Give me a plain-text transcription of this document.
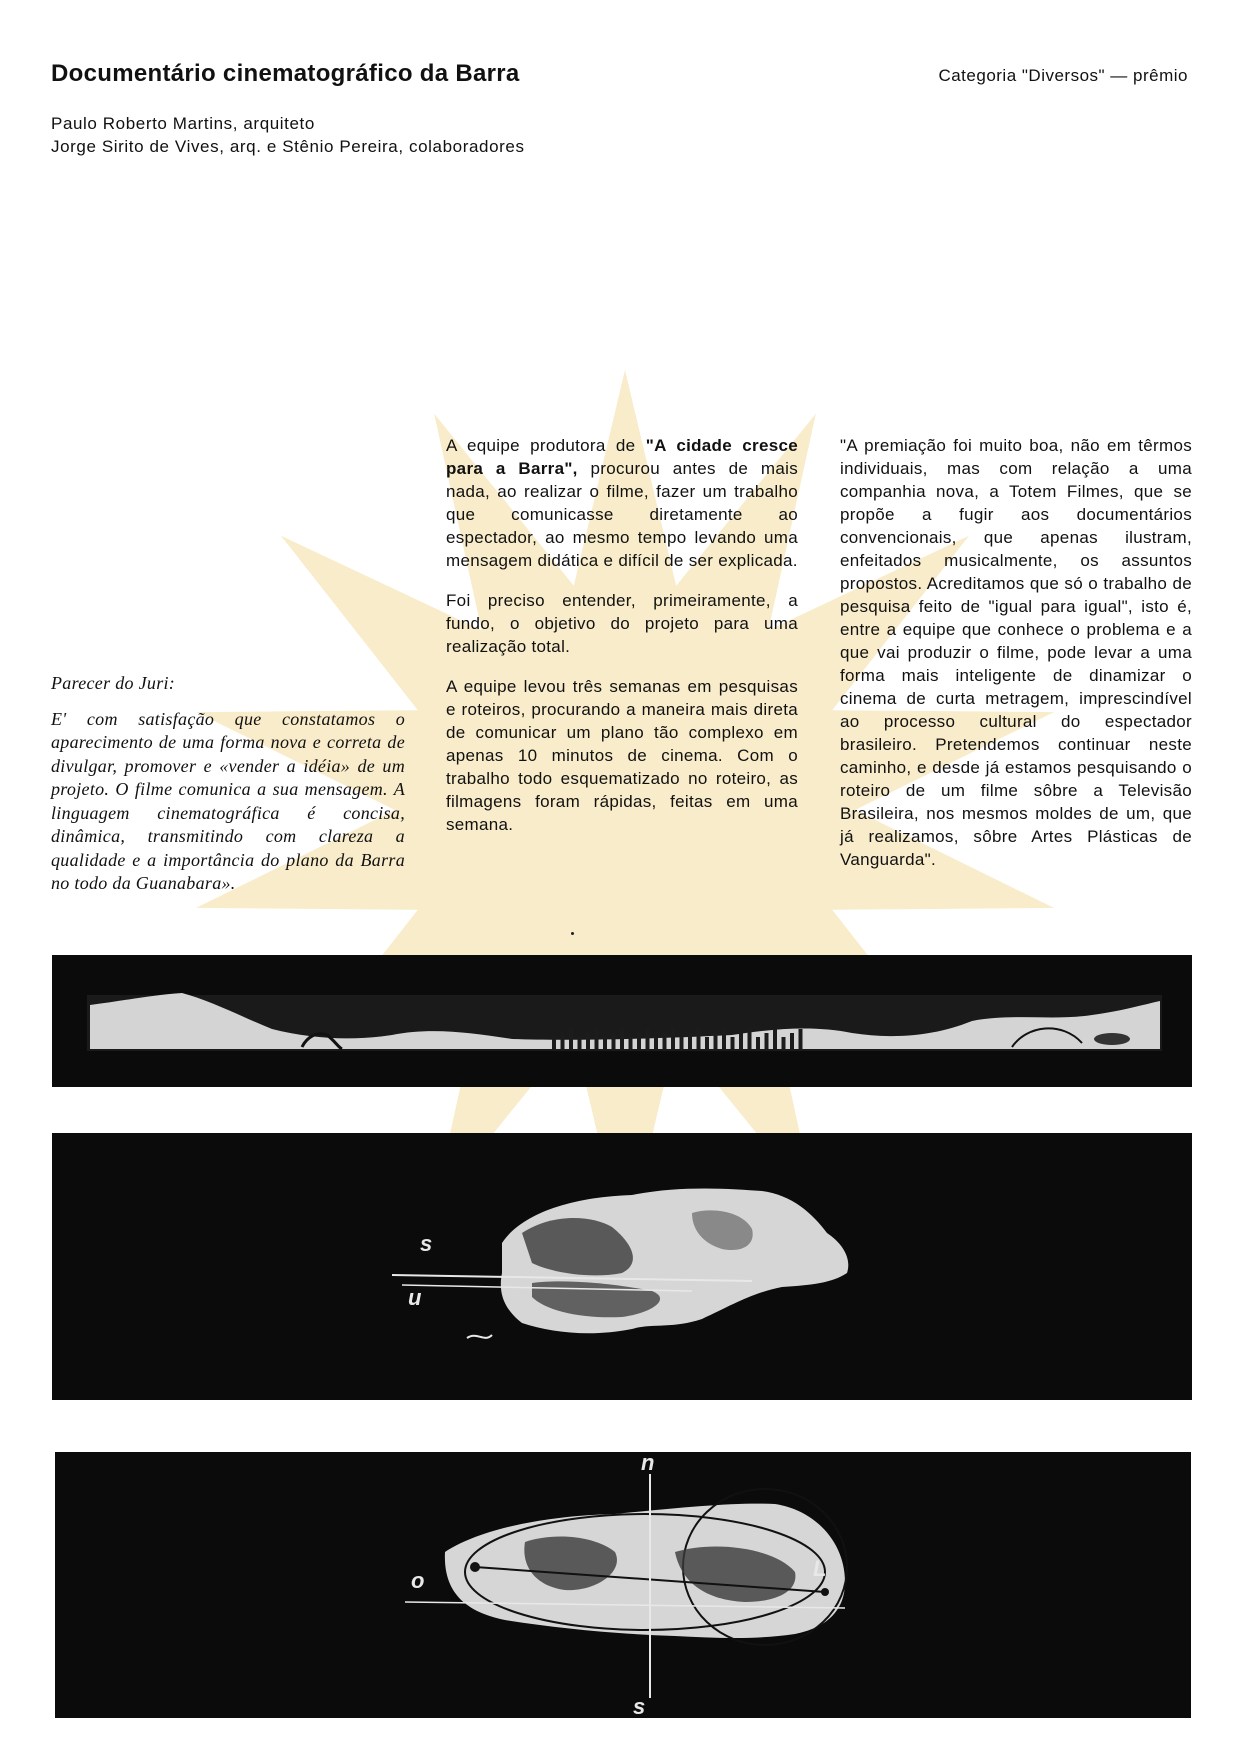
Documentário cinematográfico da Barra	Categoria "Diversos" — prêmio
Paulo Roberto Martins, arquiteto
Jorge Sirito de Vives, arq. e Stênio Pereira, colaboradores

Parecer do Juri:

E' com satisfação que constatamos o aparecimento de uma forma nova e correta de divulgar, promover e «vender a idéia» de um projeto. O filme comunica a sua mensagem. A linguagem cinematográfica é concisa, dinâmica, transmitindo com clareza a qualidade e a importância do plano da Barra no todo da Guanabara».

A equipe produtora de "A cidade cresce para a Barra", procurou antes de mais nada, ao realizar o filme, fazer um trabalho que comunicasse diretamente ao espectador, ao mesmo tempo levando uma mensagem didática e difícil de ser explicada.

Foi preciso entender, primeiramente, a fundo, o objetivo do projeto para uma realização total.

A equipe levou três semanas em pesquisas e roteiros, procurando a maneira mais direta de comunicar um plano tão complexo em apenas 10 minutos de cinema. Com o trabalho todo esquematizado no roteiro, as filmagens foram rápidas, feitas em uma semana.

"A premiação foi muito boa, não em têrmos individuais, mas com relação a uma companhia nova, a Totem Filmes, que se propõe a fugir aos documentários convencionais, que apenas ilustram, enfeitados musicalmente, os assuntos propostos. Acreditamos que só o trabalho de pesquisa feito de "igual para igual", isto é, entre a equipe que conhece o problema e a que vai produzir o filme, pode levar a uma forma mais inteligente de dinamizar o cinema de curta metragem, imprescindível ao processo cultural do espectador brasileiro. Pretendemos continuar neste caminho, e desde já estamos pesquisando o roteiro de um filme sôbre a Televisão Brasileira, nos mesmos moldes de um, que já realizamos, sôbre Artes Plásticas de Vanguarda".

s
u
n
o	L
s
